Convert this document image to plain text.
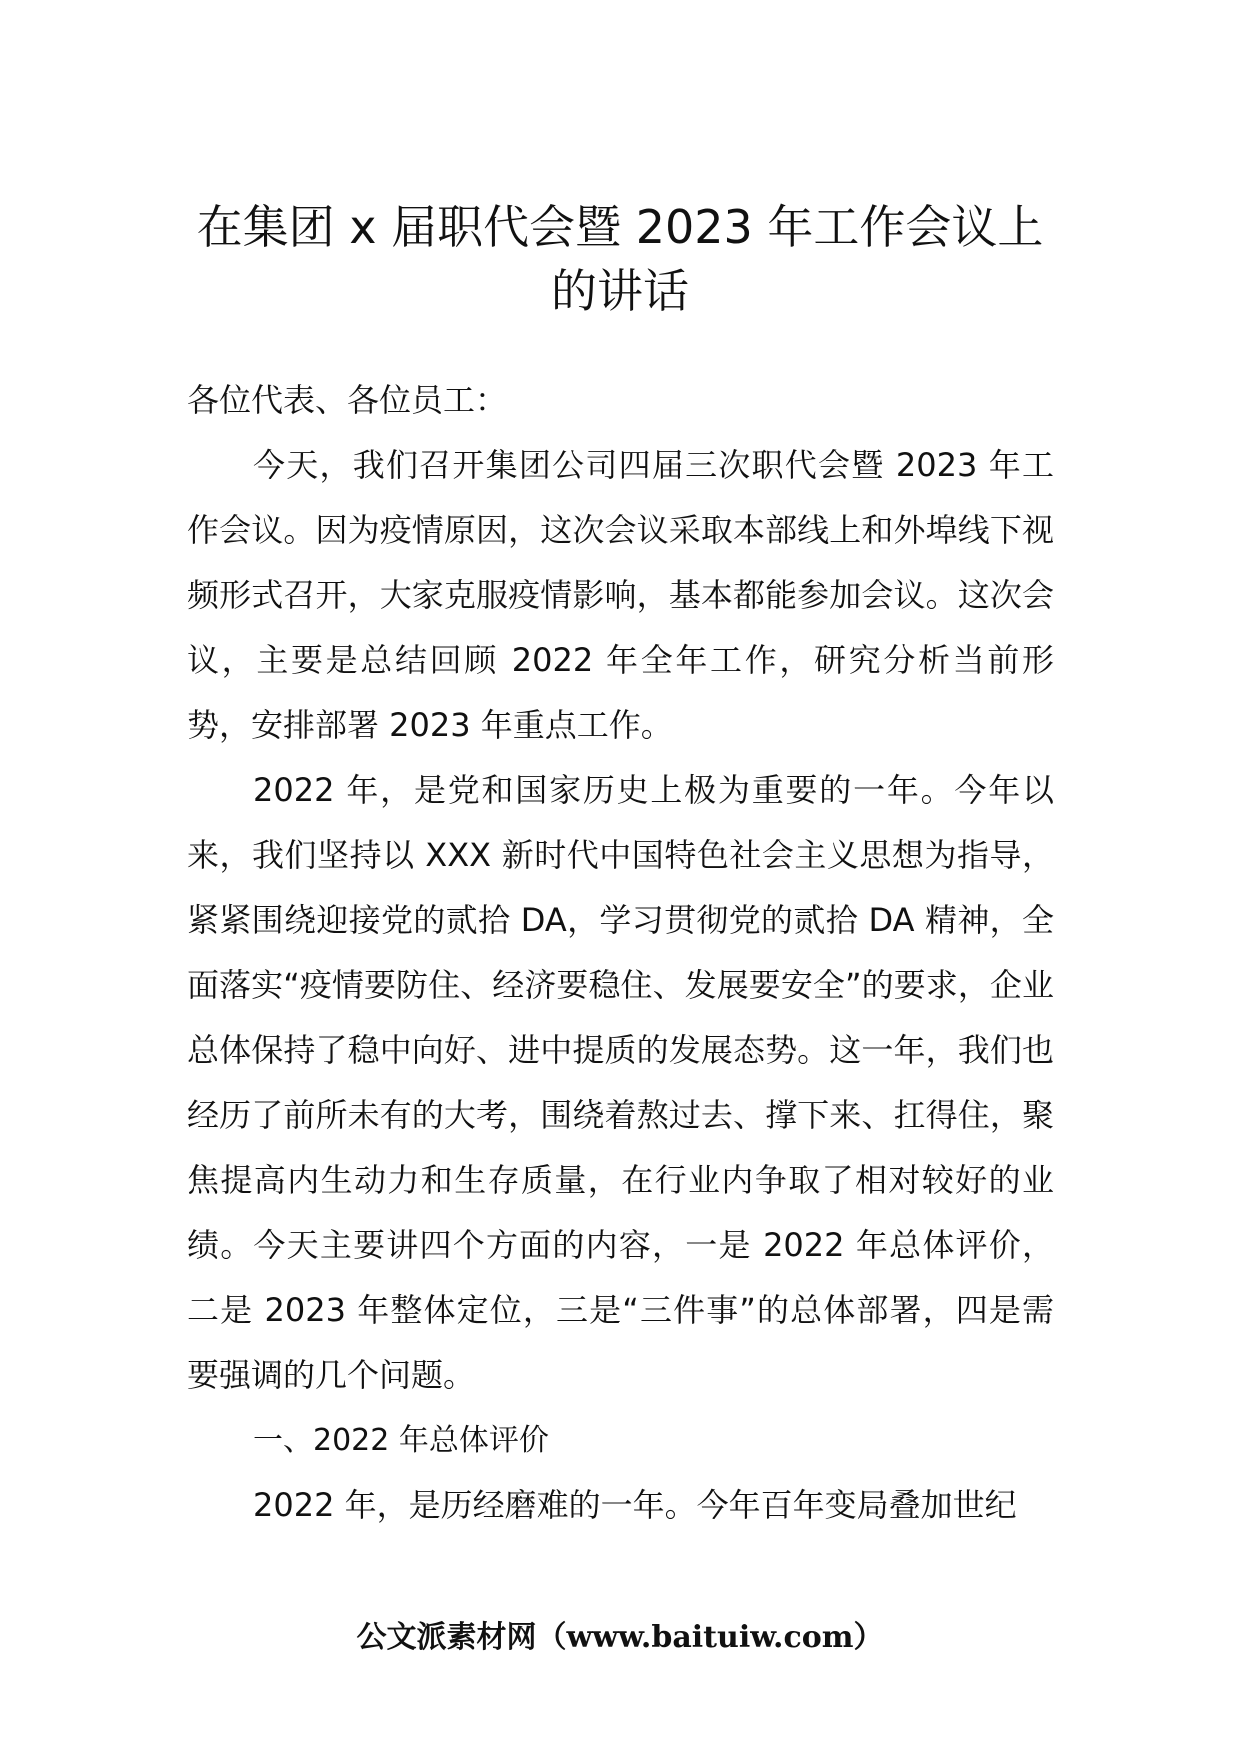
在集团 x 届职代会暨 2023 年工作会议上
的讲话

各位代表、各位员工：

今天，我们召开集团公司四届三次职代会暨 2023 年工作会议。因为疫情原因，这次会议采取本部线上和外埠线下视频形式召开，大家克服疫情影响，基本都能参加会议。这次会议，主要是总结回顾 2022 年全年工作，研究分析当前形势，安排部署 2023 年重点工作。

2022 年，是党和国家历史上极为重要的一年。今年以来，我们坚持以 XXX 新时代中国特色社会主义思想为指导，紧紧围绕迎接党的贰拾 DA，学习贯彻党的贰拾 DA 精神，全面落实“疫情要防住、经济要稳住、发展要安全”的要求，企业总体保持了稳中向好、进中提质的发展态势。这一年，我们也经历了前所未有的大考，围绕着熬过去、撑下来、扛得住，聚焦提高内生动力和生存质量，在行业内争取了相对较好的业绩。今天主要讲四个方面的内容，一是 2022 年总体评价，二是 2023 年整体定位，三是“三件事”的总体部署，四是需要强调的几个问题。

一、2022 年总体评价

2022 年，是历经磨难的一年。今年百年变局叠加世纪

公文派素材网（www.baituiw.com）
